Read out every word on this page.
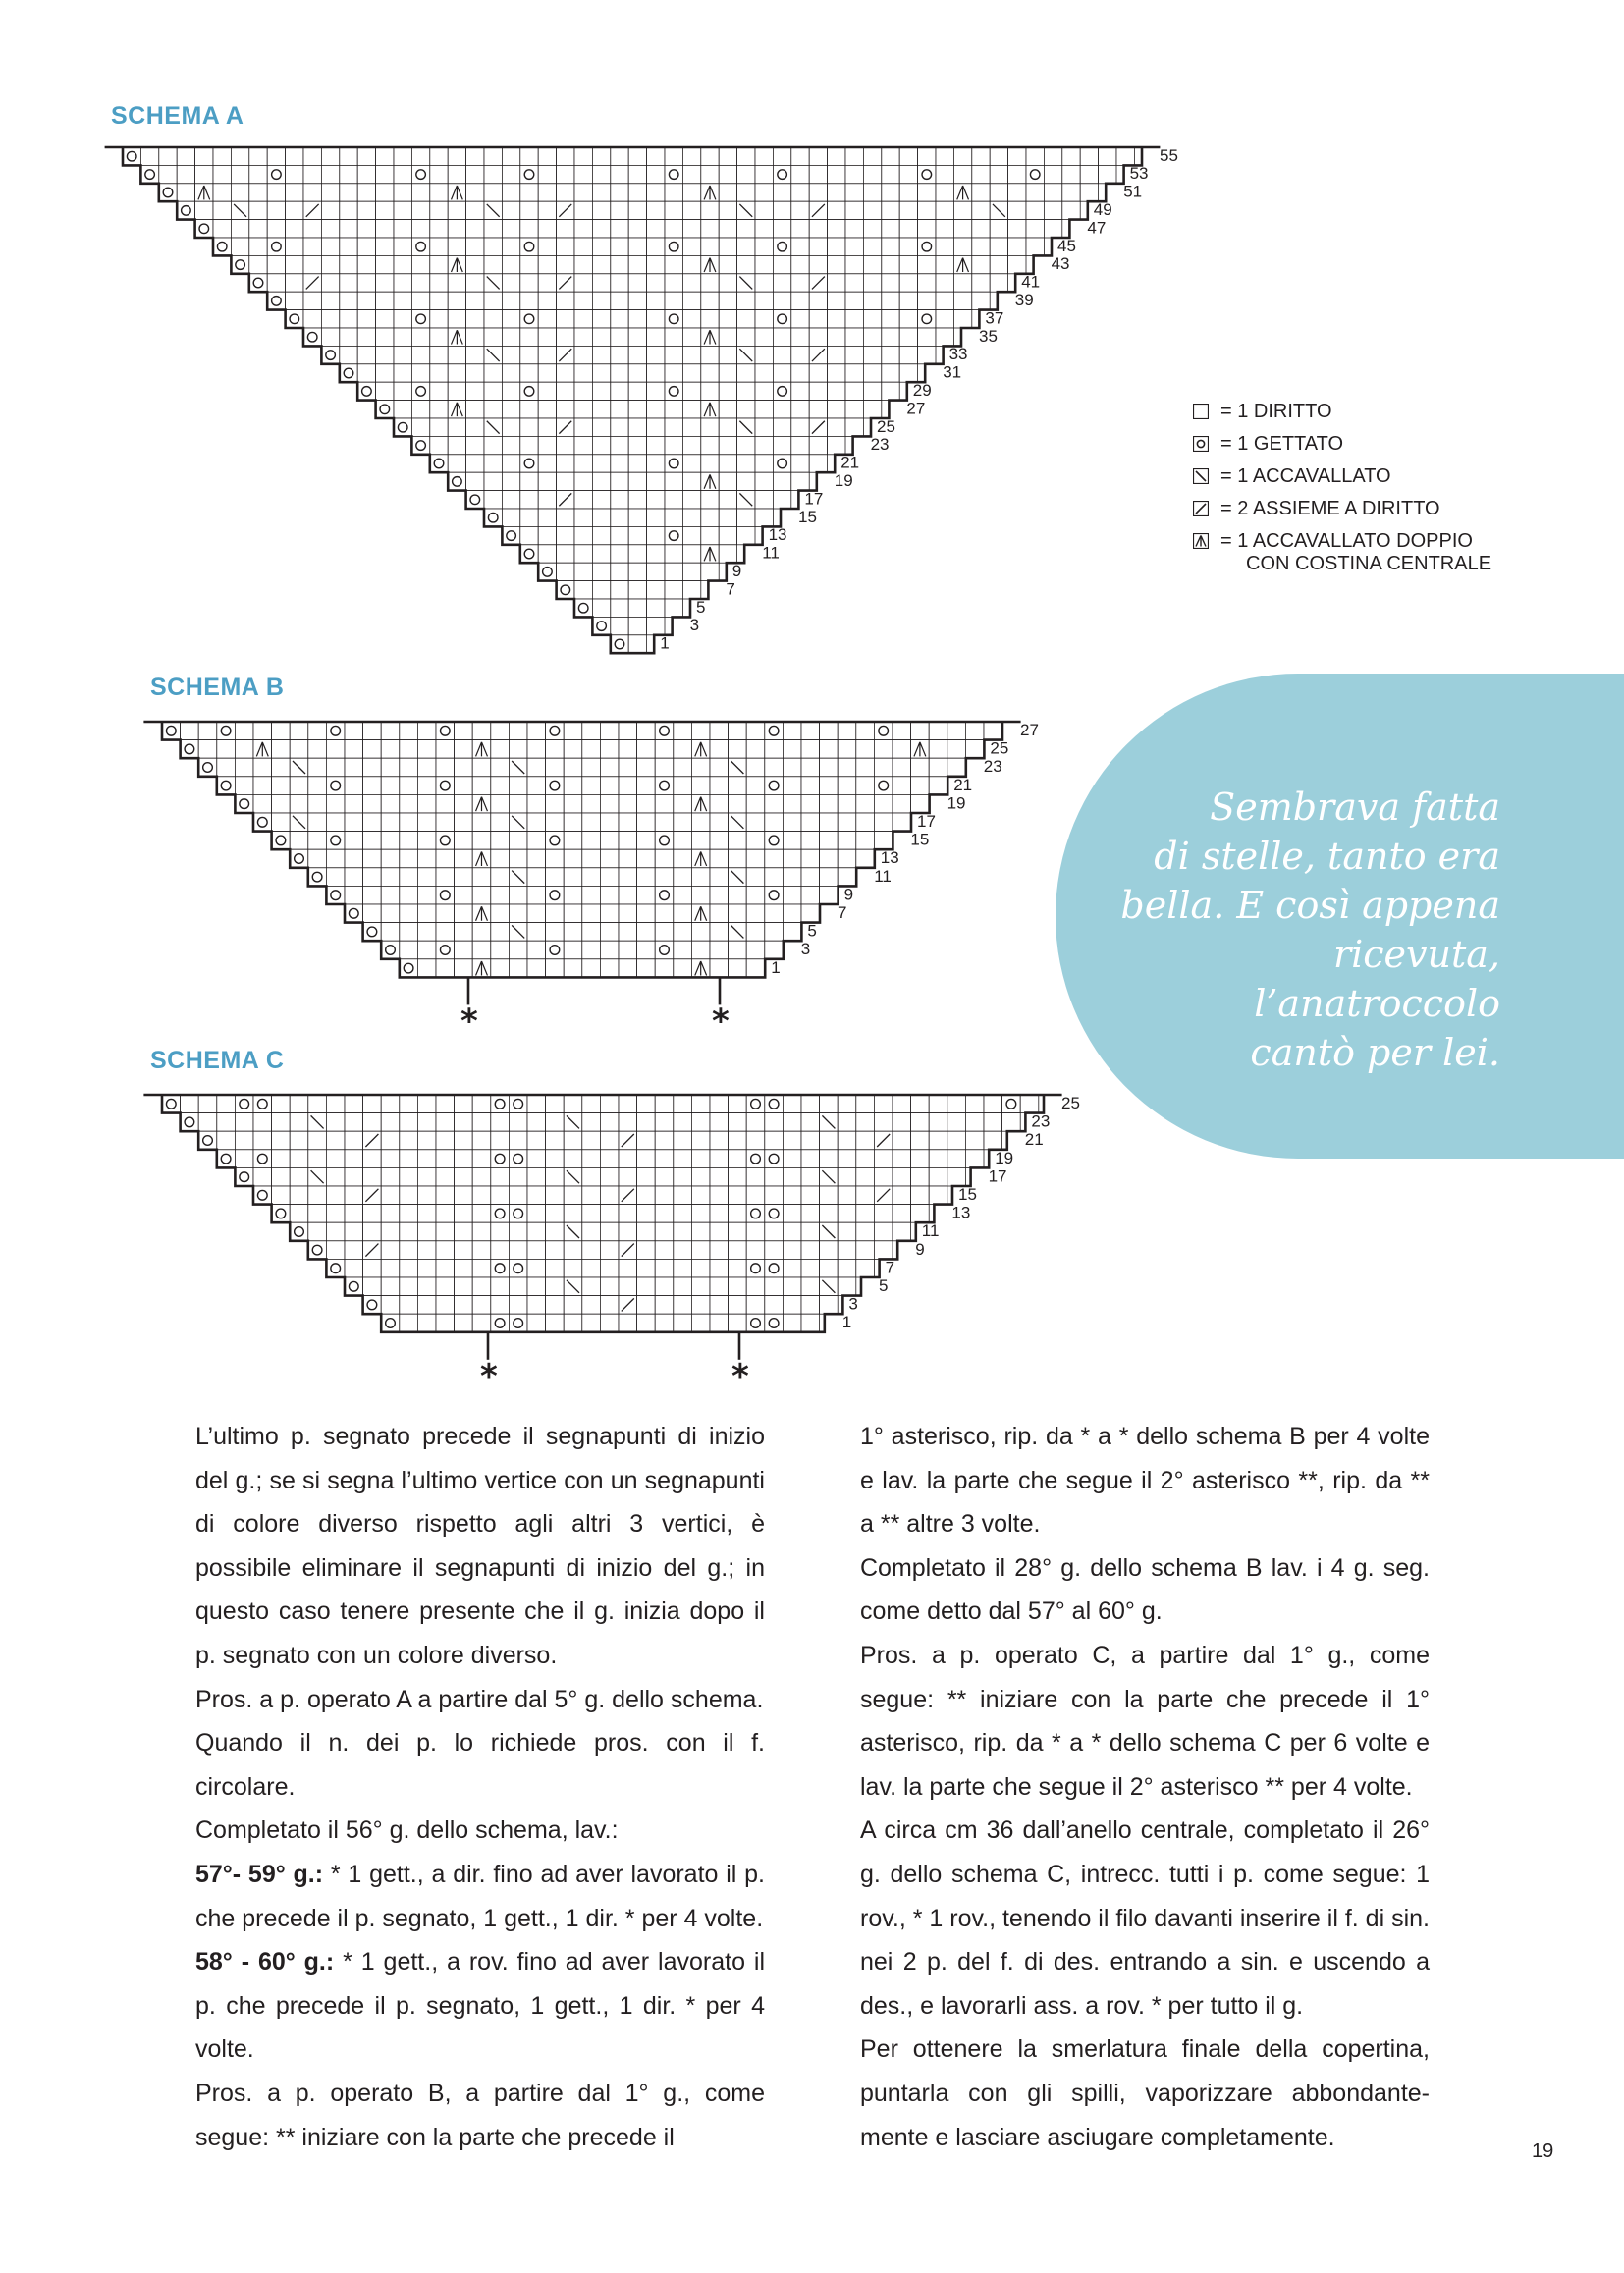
SCHEMA A
SCHEMA B
SCHEMA C
55
53
51
49
47
45
43
41
39
37
35
33
31
29
27
25
23
21
19
17
15
13
11
9
7
5
3
1
27
25
23
21
19
17
15
13
11
9
7
5
3
1
*	*
25
23
21
19
17
15
13
11
9
7
5
3
1
*	*
= 1 DIRITTO
= 1 GETTATO
= 1 ACCAVALLATO
= 2 ASSIEME A DIRITTO
= 1 ACCAVALLATO DOPPIO
CON COSTINA CENTRALE
Sembrava fatta
di stelle, tanto era
bella. E così appena
ricevuta, l’anatroccolo
cantò per lei.

L’ultimo p. segnato precede il segnapunti di inizio del g.; se si segna l’ultimo vertice con un segnapunti di colore diverso rispetto agli altri 3 vertici, è possibile eliminare il segnapunti di inizio del g.; in questo caso tenere presente che il g. inizia dopo il p. segnato con un colore diverso.

Pros. a p. operato A a partire dal 5° g. dello schema.

Quando il n. dei p. lo richiede pros. con il f. circolare.

Completato il 56° g. dello schema, lav.:

57°- 59° g.: * 1 gett., a dir. fino ad aver lavorato il p. che precede il p. segnato, 1 gett., 1 dir. * per 4 volte.

58° - 60° g.: * 1 gett., a rov. fino ad aver lavorato il p. che precede il p. segnato, 1 gett., 1 dir. * per 4 volte.

Pros. a p. operato B, a partire dal 1° g., come segue: ** iniziare con la parte che precede il

1° asterisco, rip. da * a * dello schema B per 4 volte e lav. la parte che segue il 2° asterisco **, rip. da ** a ** altre 3 volte.

Completato il 28° g. dello schema B lav. i 4 g. seg. come detto dal 57° al 60° g.

Pros. a p. operato C, a partire dal 1° g., come segue: ** iniziare con la parte che precede il 1° asterisco, rip. da * a * dello schema C per 6 volte e lav. la parte che segue il 2° asterisco ** per 4 volte.

A circa cm 36 dall’anello centrale, completato il 26° g. dello schema C, intrecc. tutti i p. come segue: 1 rov., * 1 rov., tenendo il filo davanti inserire il f. di sin. nei 2 p. del f. di des. entrando a sin. e uscendo a des., e lavorarli ass. a rov. * per tutto il g.

Per ottenere la smerlatura finale della copertina, puntarla con gli spilli, vaporizzare abbondante-mente e lasciare asciugare completamente.

19
